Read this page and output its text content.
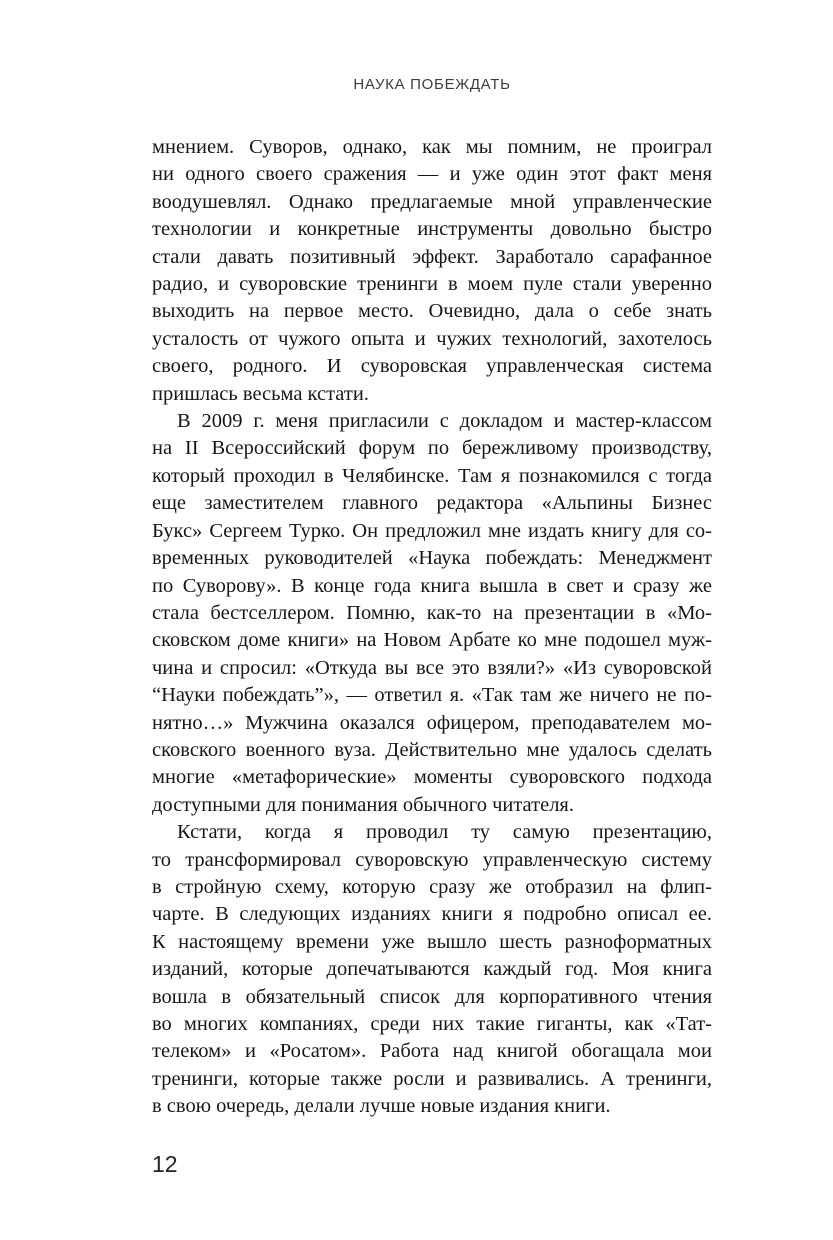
НАУКА ПОБЕЖДАТЬ
мнением. Суворов, однако, как мы помним, не проиграл
ни одного своего сражения — и уже один этот факт меня
воодушевлял. Однако предлагаемые мной управленческие
технологии и конкретные инструменты довольно быстро
стали давать позитивный эффект. Заработало сарафанное
радио, и суворовские тренинги в моем пуле стали уверенно
выходить на первое место. Очевидно, дала о себе знать
усталость от чужого опыта и чужих технологий, захотелось
своего, родного. И суворовская управленческая система
пришлась весьма кстати.
В 2009 г. меня пригласили с докладом и мастер-классом
на II Всероссийский форум по бережливому производству,
который проходил в Челябинске. Там я познакомился с тогда
еще заместителем главного редактора «Альпины Бизнес
Букс» Сергеем Турко. Он предложил мне издать книгу для со-
временных руководителей «Наука побеждать: Менеджмент
по Суворову». В конце года книга вышла в свет и сразу же
стала бестселлером. Помню, как-то на презентации в «Мо-
сковском доме книги» на Новом Арбате ко мне подошел муж-
чина и спросил: «Откуда вы все это взяли?» «Из суворовской
“Науки побеждать”», — ответил я. «Так там же ничего не по-
нятно…» Мужчина оказался офицером, преподавателем мо-
сковского военного вуза. Действительно мне удалось сделать
многие «метафорические» моменты суворовского подхода
доступными для понимания обычного читателя.
Кстати, когда я проводил ту самую презентацию,
то трансформировал суворовскую управленческую систему
в стройную схему, которую сразу же отобразил на флип-
чарте. В следующих изданиях книги я подробно описал ее.
К настоящему времени уже вышло шесть разноформатных
изданий, которые допечатываются каждый год. Моя книга
вошла в обязательный список для корпоративного чтения
во многих компаниях, среди них такие гиганты, как «Тат-
телеком» и «Росатом». Работа над книгой обогащала мои
тренинги, которые также росли и развивались. А тренинги,
в свою очередь, делали лучше новые издания книги.
12
